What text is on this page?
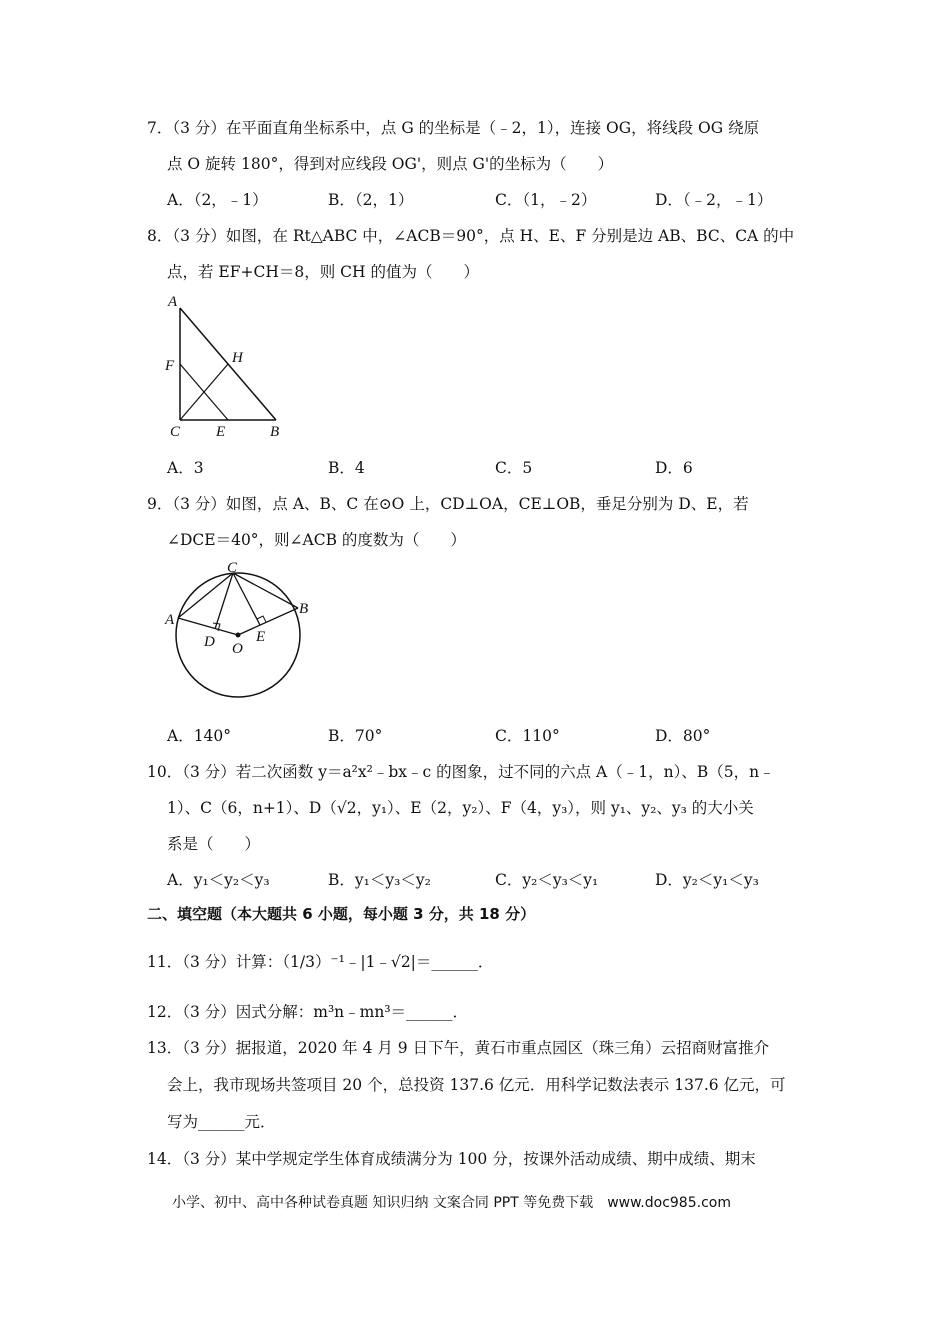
7．（3 分）在平面直角坐标系中，点 G 的坐标是（﹣2，1），连接 OG，将线段 OG 绕原
点 O 旋转 180°，得到对应线段 OG'，则点 G'的坐标为（　　）
A．（2，﹣1）	B．（2，1）	C．（1，﹣2）	D．（﹣2，﹣1）
8．（3 分）如图，在 Rt△ABC 中，∠ACB＝90°，点 H、E、F 分别是边 AB、BC、CA 的中
点，若 EF+CH＝8，则 CH 的值为（　　）
A
F	H
C E	B
A．3	B．4	C．5	D．6
9．（3 分）如图，点 A、B、C 在⊙O 上，CD⊥OA，CE⊥OB，垂足分别为 D、E，若
∠DCE＝40°，则∠ACB 的度数为（　　）
C
A
B
D	E
O
A．140°	B．70°	C．110°	D．80°
10．（3 分）若二次函数 y＝a²x²﹣bx﹣c 的图象，过不同的六点 A（﹣1，n）、B（5，n﹣
1）、C（6，n+1）、D（√2，y₁）、E（2，y₂）、F（4，y₃），则 y₁、y₂、y₃ 的大小关
系是（　　）
A．y₁＜y₂＜y₃	B．y₁＜y₃＜y₂	C．y₂＜y₃＜y₁	D．y₂＜y₁＜y₃
二、填空题（本大题共 6 小题，每小题 3 分，共 18 分）
11．（3 分）计算：（1/3）⁻¹﹣|1﹣√2|＝______．
12．（3 分）因式分解：m³n﹣mn³＝______．
13．（3 分）据报道，2020 年 4 月 9 日下午，黄石市重点园区（珠三角）云招商财富推介
会上，我市现场共签项目 20 个，总投资 137.6 亿元．用科学记数法表示 137.6 亿元，可
写为______元．
14．（3 分）某中学规定学生体育成绩满分为 100 分，按课外活动成绩、期中成绩、期末
小学、初中、高中各种试卷真题 知识归纳 文案合同 PPT 等免费下载　www.doc985.com
